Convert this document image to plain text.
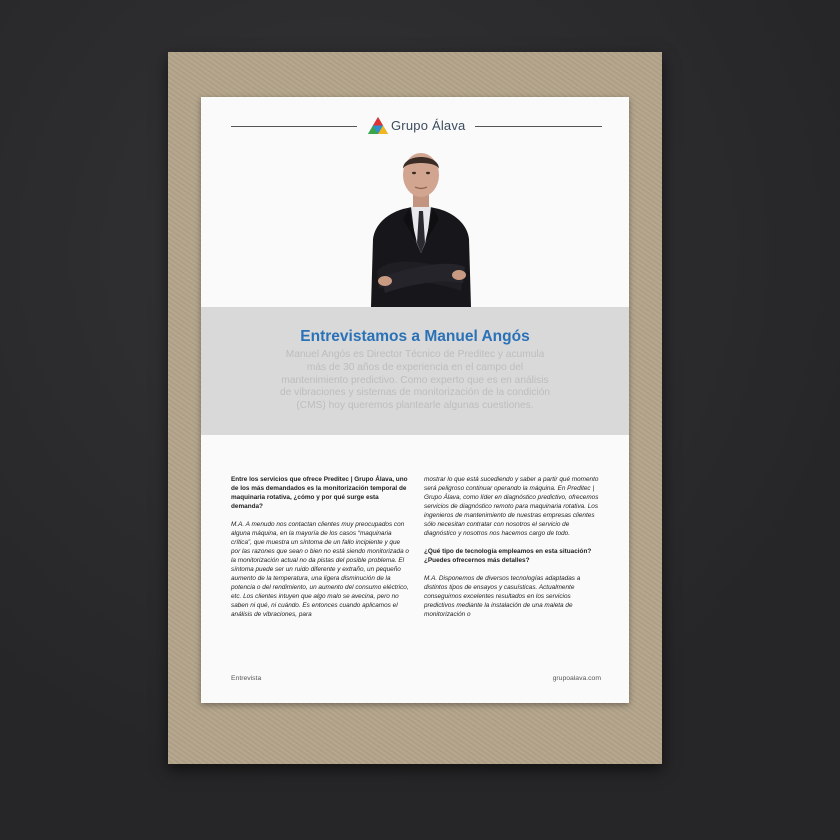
Grupo Álava
Entrevistamos a Manuel Angós

Manuel Angós es Director Técnico de Preditec y acumula más de 30 años de experiencia en el campo del mantenimiento predictivo. Como experto que es en análisis de vibraciones y sistemas de monitorización de la condición (CMS) hoy queremos plantearle algunas cuestiones.

Entre los servicios que ofrece Preditec | Grupo Álava, uno de los más demandados es la monitorización temporal de maquinaria rotativa, ¿cómo y por qué surge esta demanda?

M.A. A menudo nos contactan clientes muy preocupados con alguna máquina, en la mayoría de los casos “maquinaria crítica”, que muestra un síntoma de un fallo incipiente y que por las razones que sean o bien no está siendo monitorizada o la monitorización actual no da pistas del posible problema. El síntoma puede ser un ruido diferente y extraño, un pequeño aumento de la temperatura, una ligera disminución de la potencia o del rendimiento, un aumento del consumo eléctrico, etc. Los clientes intuyen que algo malo se avecina, pero no saben ni qué, ni cuándo. Es entonces cuando aplicamos el análisis de vibraciones, para

mostrar lo que está sucediendo y saber a partir qué momento será peligroso continuar operando la máquina. En Preditec | Grupo Álava, como líder en diagnóstico predictivo, ofrecemos servicios de diagnóstico remoto para maquinaria rotativa. Los ingenieros de mantenimiento de nuestras empresas clientes sólo necesitan contratar con nosotros el servicio de diagnóstico y nosotros nos hacemos cargo de todo.

¿Qué tipo de tecnología empleamos en esta situación? ¿Puedes ofrecernos más detalles?

M.A. Disponemos de diversos tecnologías adaptadas a distintos tipos de ensayos y casuísticas. Actualmente conseguimos excelentes resultados en los servicios predictivos mediante la instalación de una maleta de monitorización o

Entrevista	grupoalava.com
